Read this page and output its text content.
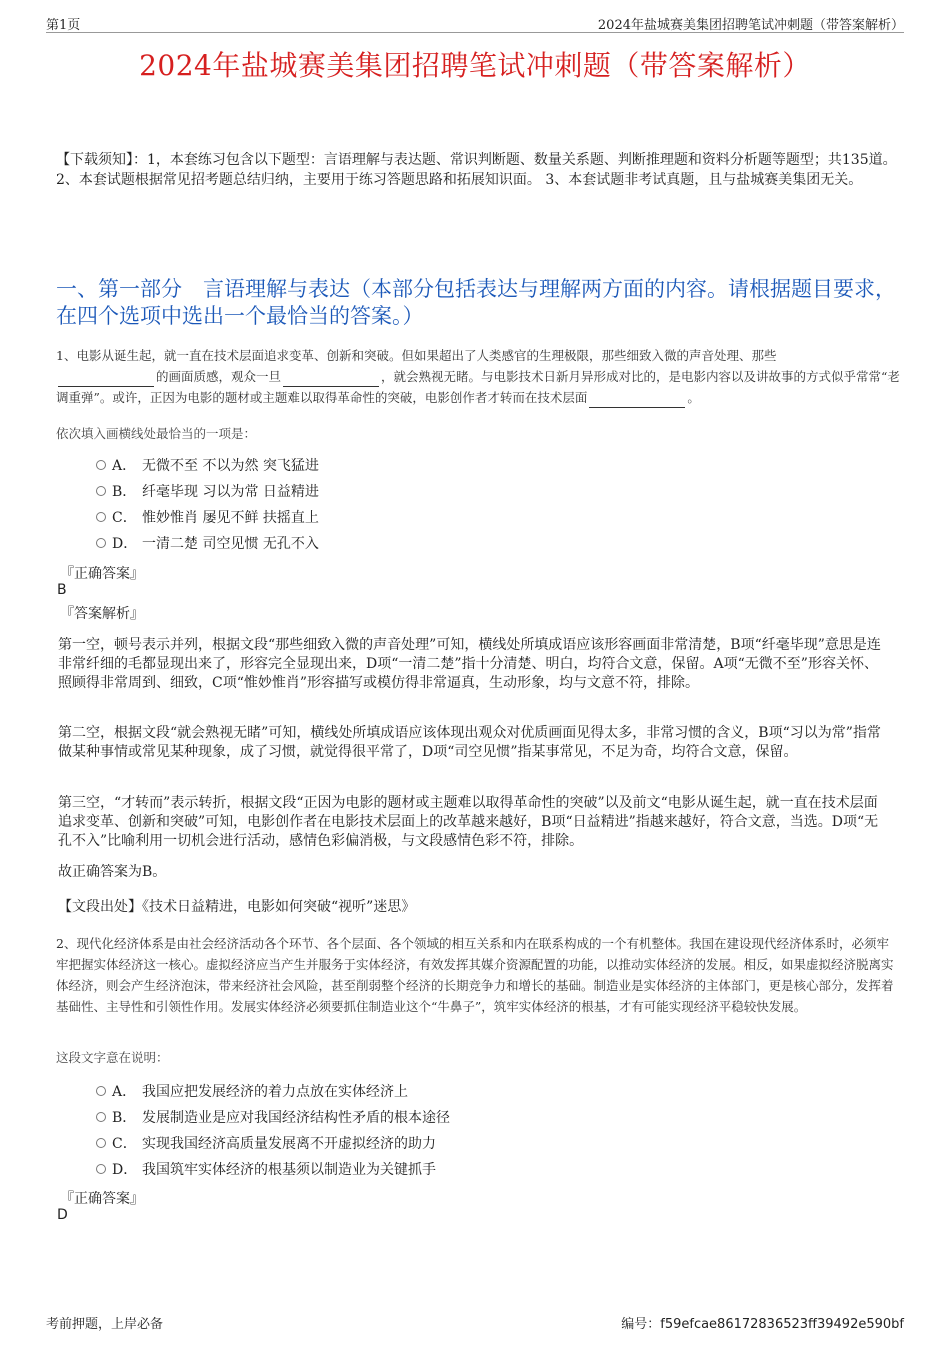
第1页	2024年盐城赛美集团招聘笔试冲刺题（带答案解析）
2024年盐城赛美集团招聘笔试冲刺题（带答案解析）
【下载须知】：1，本套练习包含以下题型：言语理解与表达题、常识判断题、数量关系题、判断推理题和资料分析题等题型；共135道。 2、本套试题根据常见招考题总结归纳，主要用于练习答题思路和拓展知识面。 3、本套试题非考试真题，且与盐城赛美集团无关。
一、第一部分　言语理解与表达（本部分包括表达与理解两方面的内容。请根据题目要求，在四个选项中选出一个最恰当的答案。）
1、电影从诞生起，就一直在技术层面追求变革、创新和突破。但如果超出了人类感官的生理极限，那些细致入微的声音处理、那些
的画面质感，观众一旦	，就会熟视无睹。与电影技术日新月异形成对比的，是电影内容以及讲故事的方式似乎常常“老调重弹”。或许，正因为电影的题材或主题难以取得革命性的突破，电影创作者才转而在技术层面	。
依次填入画横线处最恰当的一项是：
A． 无微不至 不以为然 突飞猛进
B． 纤毫毕现 习以为常 日益精进
C． 惟妙惟肖 屡见不鲜 扶摇直上
D． 一清二楚 司空见惯 无孔不入
『正确答案』
B
『答案解析』
第一空，顿号表示并列，根据文段“那些细致入微的声音处理”可知，横线处所填成语应该形容画面非常清楚，B项“纤毫毕现”意思是连非常纤细的毛都显现出来了，形容完全显现出来，D项“一清二楚”指十分清楚、明白，均符合文意，保留。A项“无微不至”形容关怀、照顾得非常周到、细致，C项“惟妙惟肖”形容描写或模仿得非常逼真，生动形象，均与文意不符，排除。
第二空，根据文段“就会熟视无睹”可知，横线处所填成语应该体现出观众对优质画面见得太多，非常习惯的含义，B项“习以为常”指常做某种事情或常见某种现象，成了习惯，就觉得很平常了，D项“司空见惯”指某事常见，不足为奇，均符合文意，保留。
第三空，“才转而”表示转折，根据文段“正因为电影的题材或主题难以取得革命性的突破”以及前文“电影从诞生起，就一直在技术层面追求变革、创新和突破”可知，电影创作者在电影技术层面上的改革越来越好，B项“日益精进”指越来越好，符合文意，当选。D项“无孔不入”比喻利用一切机会进行活动，感情色彩偏消极，与文段感情色彩不符，排除。
故正确答案为B。
【文段出处】《技术日益精进，电影如何突破“视听”迷思》
2、现代化经济体系是由社会经济活动各个环节、各个层面、各个领域的相互关系和内在联系构成的一个有机整体。我国在建设现代经济体系时，必须牢牢把握实体经济这一核心。虚拟经济应当产生并服务于实体经济，有效发挥其媒介资源配置的功能，以推动实体经济的发展。相反，如果虚拟经济脱离实体经济，则会产生经济泡沫，带来经济社会风险，甚至削弱整个经济的长期竞争力和增长的基础。制造业是实体经济的主体部门，更是核心部分，发挥着基础性、主导性和引领性作用。发展实体经济必须要抓住制造业这个“牛鼻子”，筑牢实体经济的根基，才有可能实现经济平稳较快发展。
这段文字意在说明：
A． 我国应把发展经济的着力点放在实体经济上
B． 发展制造业是应对我国经济结构性矛盾的根本途径
C． 实现我国经济高质量发展离不开虚拟经济的助力
D． 我国筑牢实体经济的根基须以制造业为关键抓手
『正确答案』
D
考前押题，上岸必备	编号：f59efcae86172836523ff39492e590bf
